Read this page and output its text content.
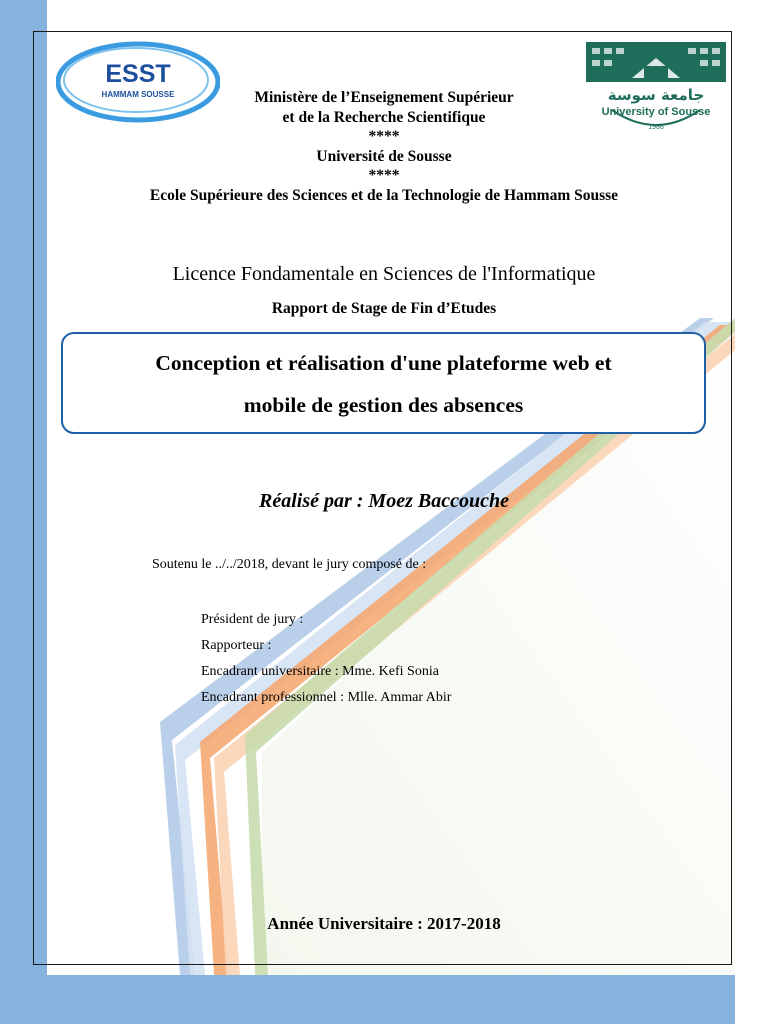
ESST
HAMMAM SOUSSE	جامعة سوسة
University of Sousse
1986
Ministère de l’Enseignement Supérieur
et de la Recherche Scientifique
****
Université de Sousse
****
Ecole Supérieure des Sciences et de la Technologie de Hammam Sousse
Licence Fondamentale en Sciences de l'Informatique
Rapport de Stage de Fin d’Etudes
Conception et réalisation d'une plateforme web et
mobile de gestion des absences
Réalisé par : Moez Baccouche
Soutenu le ../../2018, devant le jury composé de :
Président de jury :
Rapporteur :
Encadrant universitaire : Mme. Kefi Sonia
Encadrant professionnel : Mlle. Ammar Abir
Année Universitaire : 2017-2018
